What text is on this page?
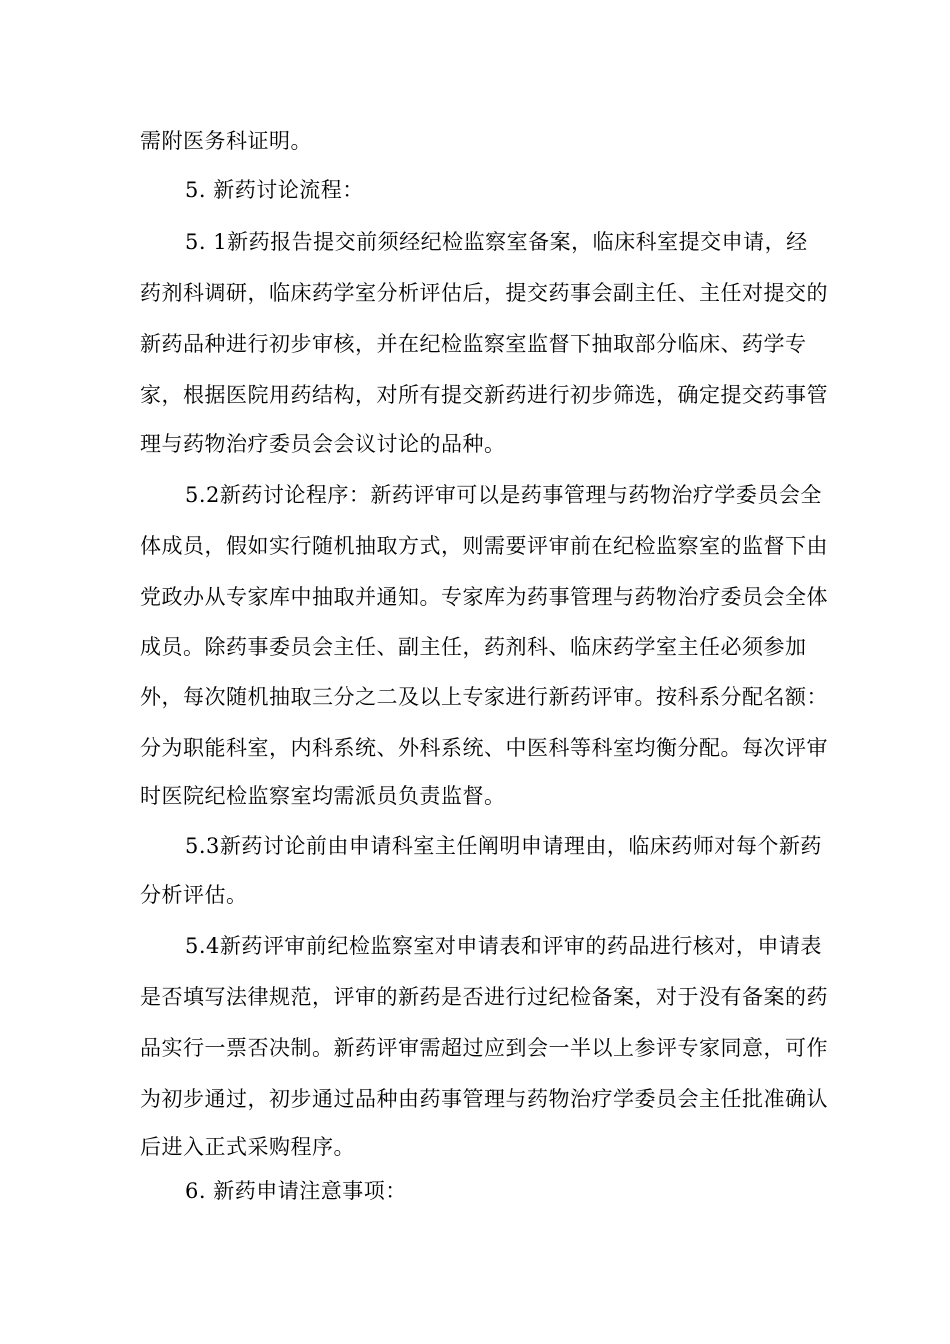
需附医务科证明。
5. 新药讨论流程：
5. 1新药报告提交前须经纪检监察室备案，临床科室提交申请，经
药剂科调研，临床药学室分析评估后，提交药事会副主任、主任对提交的
新药品种进行初步审核，并在纪检监察室监督下抽取部分临床、药学专
家，根据医院用药结构，对所有提交新药进行初步筛选，确定提交药事管
理与药物治疗委员会会议讨论的品种。
5.2新药讨论程序：新药评审可以是药事管理与药物治疗学委员会全
体成员，假如实行随机抽取方式，则需要评审前在纪检监察室的监督下由
党政办从专家库中抽取并通知。专家库为药事管理与药物治疗委员会全体
成员。除药事委员会主任、副主任，药剂科、临床药学室主任必须参加
外，每次随机抽取三分之二及以上专家进行新药评审。按科系分配名额：
分为职能科室，内科系统、外科系统、中医科等科室均衡分配。每次评审
时医院纪检监察室均需派员负责监督。
5.3新药讨论前由申请科室主任阐明申请理由，临床药师对每个新药
分析评估。
5.4新药评审前纪检监察室对申请表和评审的药品进行核对，申请表
是否填写法律规范，评审的新药是否进行过纪检备案，对于没有备案的药
品实行一票否决制。新药评审需超过应到会一半以上参评专家同意，可作
为初步通过，初步通过品种由药事管理与药物治疗学委员会主任批准确认
后进入正式采购程序。
6. 新药申请注意事项：
